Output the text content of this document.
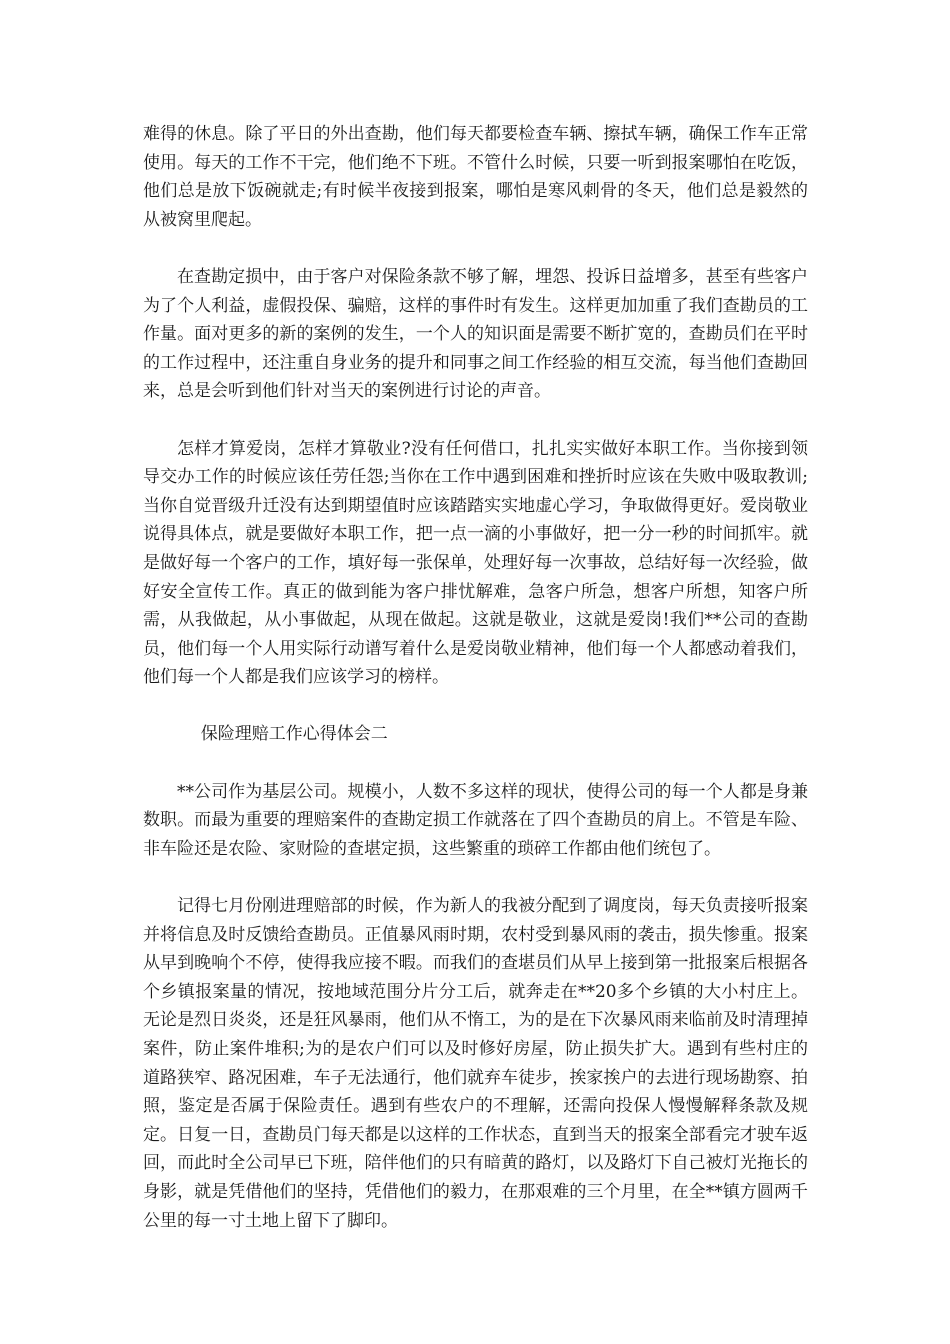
难得的休息。除了平日的外出查勘，他们每天都要检查车辆、擦拭车辆，确保工作车正常使用。每天的工作不干完，他们绝不下班。不管什么时候，只要一听到报案哪怕在吃饭，他们总是放下饭碗就走;有时候半夜接到报案，哪怕是寒风刺骨的冬天，他们总是毅然的从被窝里爬起。

在查勘定损中，由于客户对保险条款不够了解，埋怨、投诉日益增多，甚至有些客户为了个人利益，虚假投保、骗赔，这样的事件时有发生。这样更加加重了我们查勘员的工作量。面对更多的新的案例的发生，一个人的知识面是需要不断扩宽的，查勘员们在平时的工作过程中，还注重自身业务的提升和同事之间工作经验的相互交流，每当他们查勘回来，总是会听到他们针对当天的案例进行讨论的声音。

怎样才算爱岗，怎样才算敬业?没有任何借口，扎扎实实做好本职工作。当你接到领导交办工作的时候应该任劳任怨;当你在工作中遇到困难和挫折时应该在失败中吸取教训;当你自觉晋级升迁没有达到期望值时应该踏踏实实地虚心学习，争取做得更好。爱岗敬业说得具体点，就是要做好本职工作，把一点一滴的小事做好，把一分一秒的时间抓牢。就是做好每一个客户的工作，填好每一张保单，处理好每一次事故，总结好每一次经验，做好安全宣传工作。真正的做到能为客户排忧解难，急客户所急，想客户所想，知客户所需，从我做起，从小事做起，从现在做起。这就是敬业，这就是爱岗!我们**公司的查勘员，他们每一个人用实际行动谱写着什么是爱岗敬业精神，他们每一个人都感动着我们，他们每一个人都是我们应该学习的榜样。

保险理赔工作心得体会二

**公司作为基层公司。规模小，人数不多这样的现状，使得公司的每一个人都是身兼数职。而最为重要的理赔案件的查勘定损工作就落在了四个查勘员的肩上。不管是车险、非车险还是农险、家财险的查堪定损，这些繁重的琐碎工作都由他们统包了。

记得七月份刚进理赔部的时候，作为新人的我被分配到了调度岗，每天负责接听报案并将信息及时反馈给查勘员。正值暴风雨时期，农村受到暴风雨的袭击，损失惨重。报案从早到晚响个不停，使得我应接不暇。而我们的查堪员们从早上接到第一批报案后根据各个乡镇报案量的情况，按地域范围分片分工后，就奔走在**20多个乡镇的大小村庄上。无论是烈日炎炎，还是狂风暴雨，他们从不惰工，为的是在下次暴风雨来临前及时清理掉案件，防止案件堆积;为的是农户们可以及时修好房屋，防止损失扩大。遇到有些村庄的道路狭窄、路况困难，车子无法通行，他们就弃车徒步，挨家挨户的去进行现场勘察、拍照，鉴定是否属于保险责任。遇到有些农户的不理解，还需向投保人慢慢解释条款及规定。日复一日，查勘员门每天都是以这样的工作状态，直到当天的报案全部看完才驶车返回，而此时全公司早已下班，陪伴他们的只有暗黄的路灯，以及路灯下自己被灯光拖长的身影，就是凭借他们的坚持，凭借他们的毅力，在那艰难的三个月里，在全**镇方圆两千公里的每一寸土地上留下了脚印。
